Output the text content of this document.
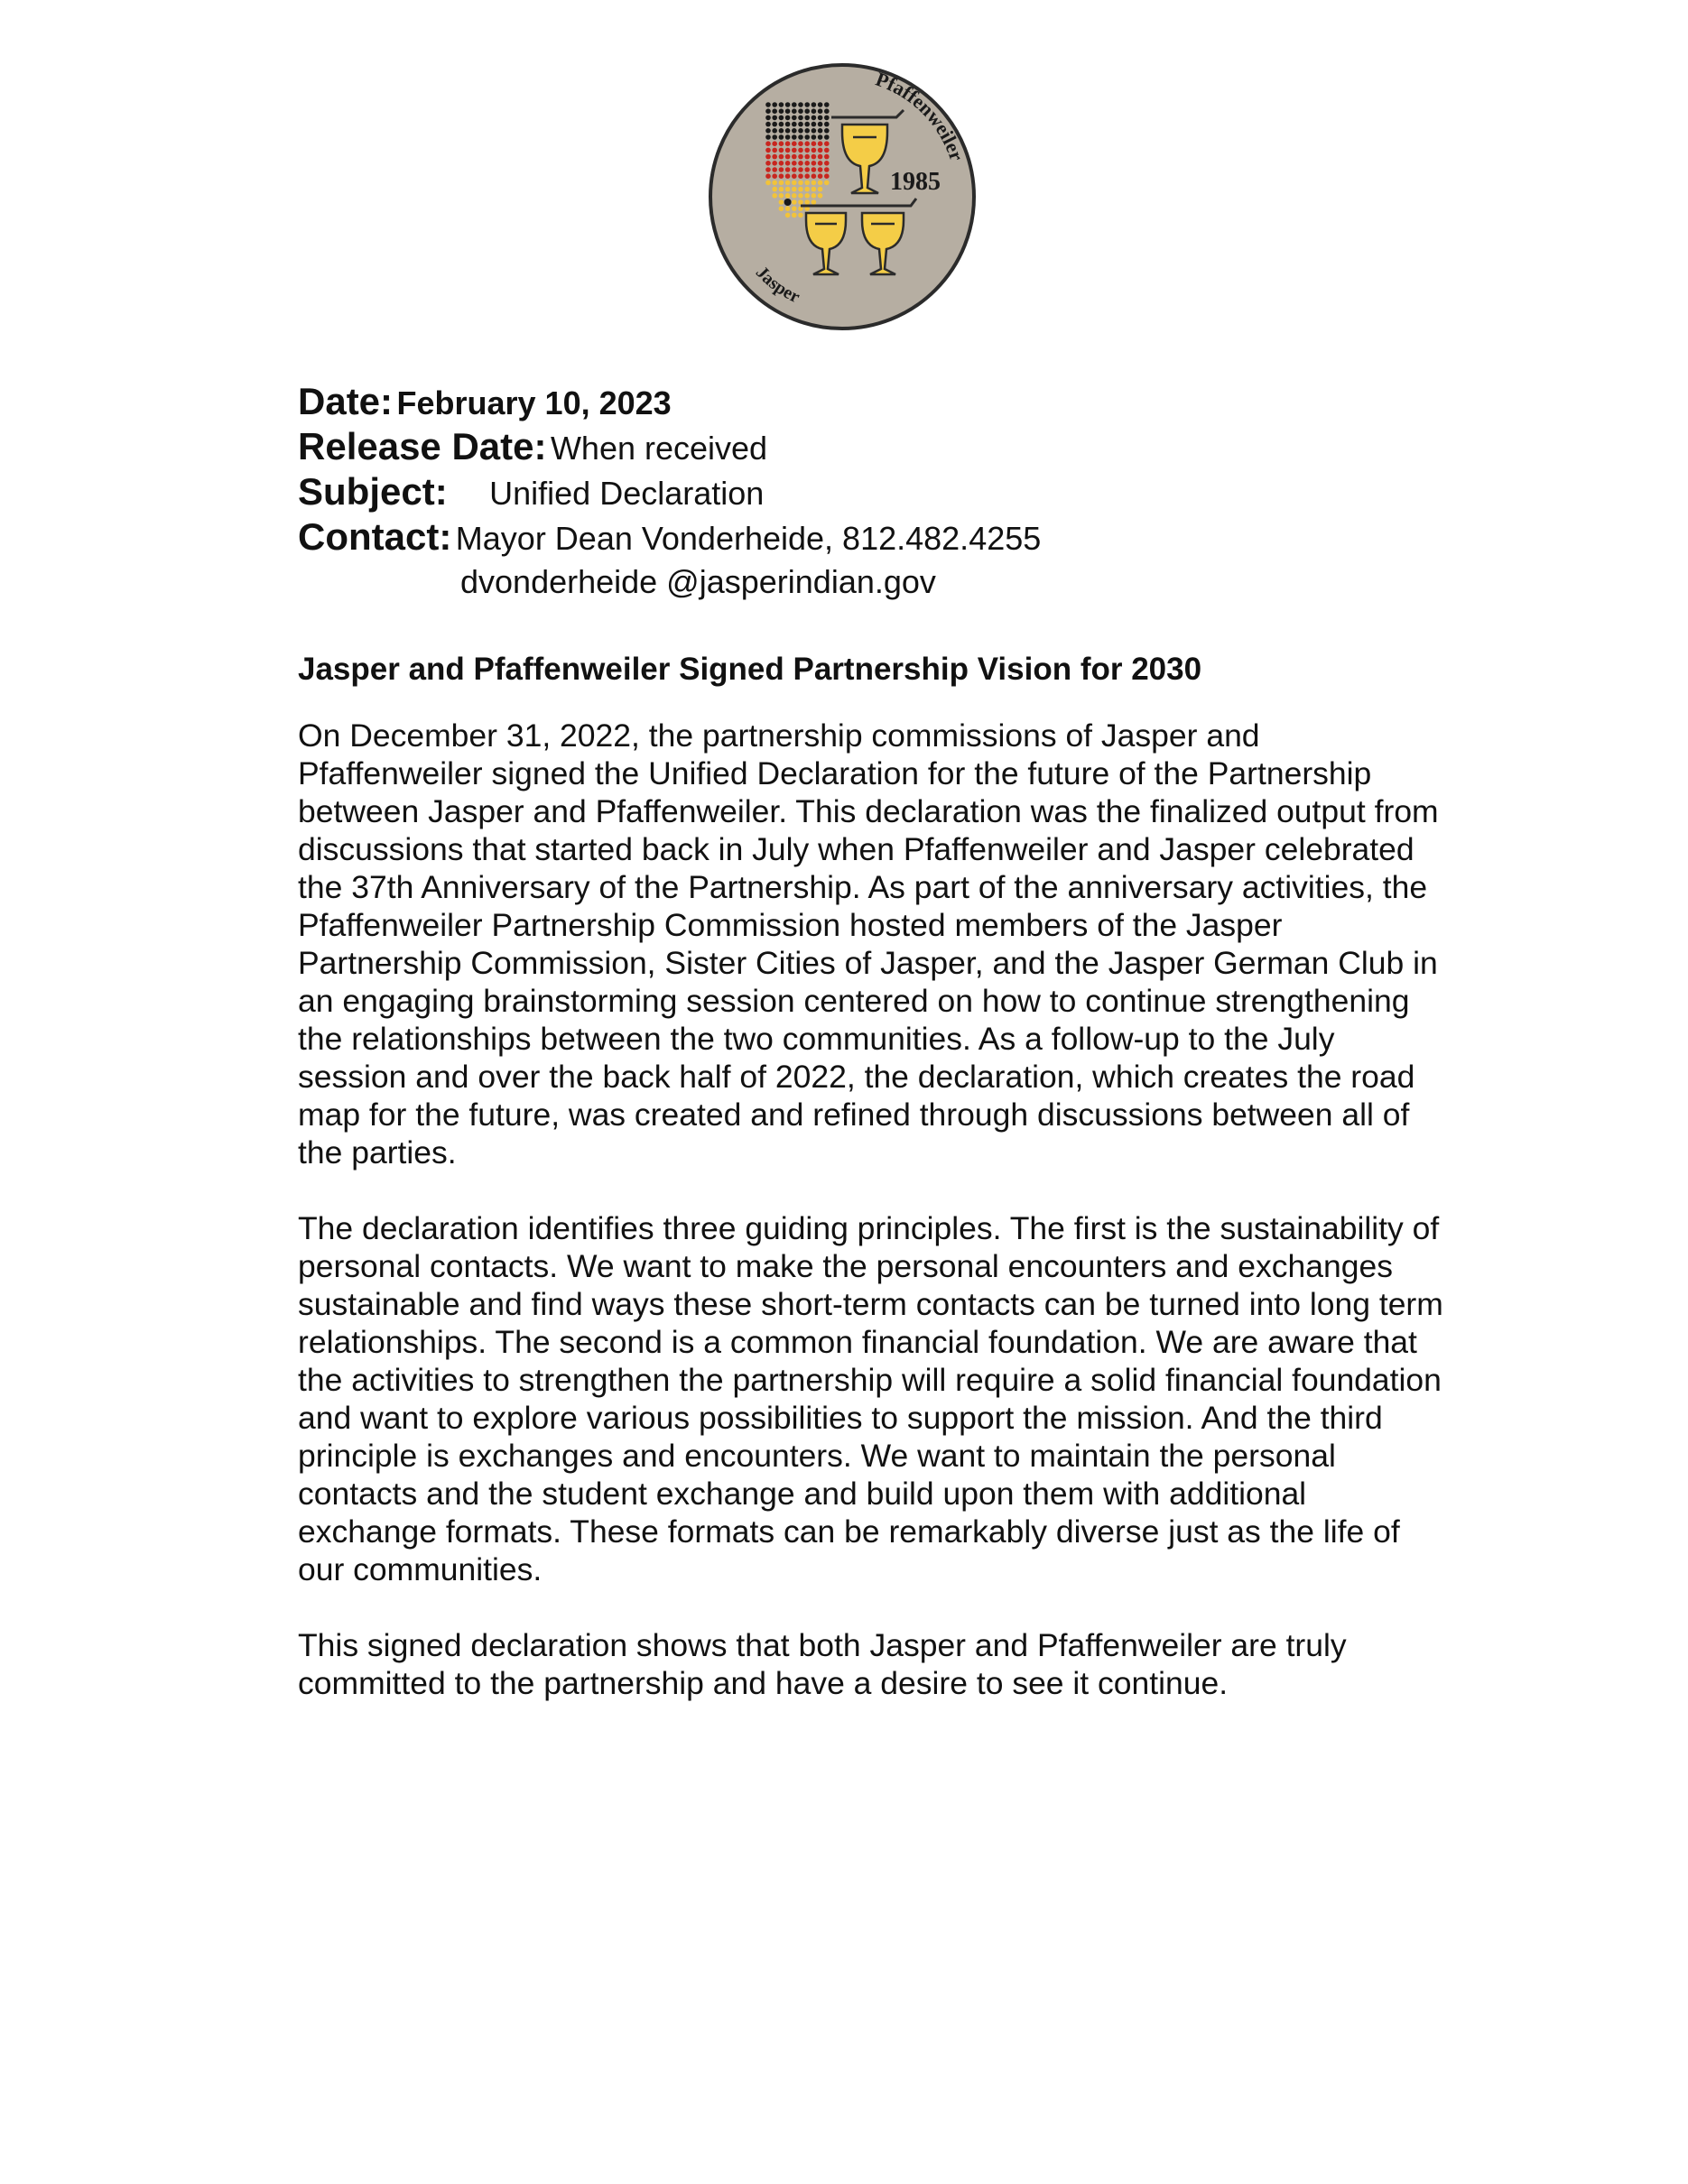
Pfaffenweiler
1985
Jasper
Date: February 10, 2023
Release Date: When received
Subject: Unified Declaration
Contact: Mayor Dean Vonderheide, 812.482.4255
dvonderheide @jasperindian.gov
Jasper and Pfaffenweiler Signed Partnership Vision for 2030

On December 31, 2022, the partnership commissions of Jasper and
Pfaffenweiler signed the Unified Declaration for the future of the Partnership
between Jasper and Pfaffenweiler. This declaration was the finalized output from
discussions that started back in July when Pfaffenweiler and Jasper celebrated
the 37th Anniversary of the Partnership. As part of the anniversary activities, the
Pfaffenweiler Partnership Commission hosted members of the Jasper
Partnership Commission, Sister Cities of Jasper, and the Jasper German Club in
an engaging brainstorming session centered on how to continue strengthening
the relationships between the two communities. As a follow-up to the July
session and over the back half of 2022, the declaration, which creates the road
map for the future, was created and refined through discussions between all of
the parties.

The declaration identifies three guiding principles. The first is the sustainability of
personal contacts. We want to make the personal encounters and exchanges
sustainable and find ways these short-term contacts can be turned into long term
relationships. The second is a common financial foundation. We are aware that
the activities to strengthen the partnership will require a solid financial foundation
and want to explore various possibilities to support the mission. And the third
principle is exchanges and encounters. We want to maintain the personal
contacts and the student exchange and build upon them with additional
exchange formats. These formats can be remarkably diverse just as the life of
our communities.

This signed declaration shows that both Jasper and Pfaffenweiler are truly
committed to the partnership and have a desire to see it continue.
